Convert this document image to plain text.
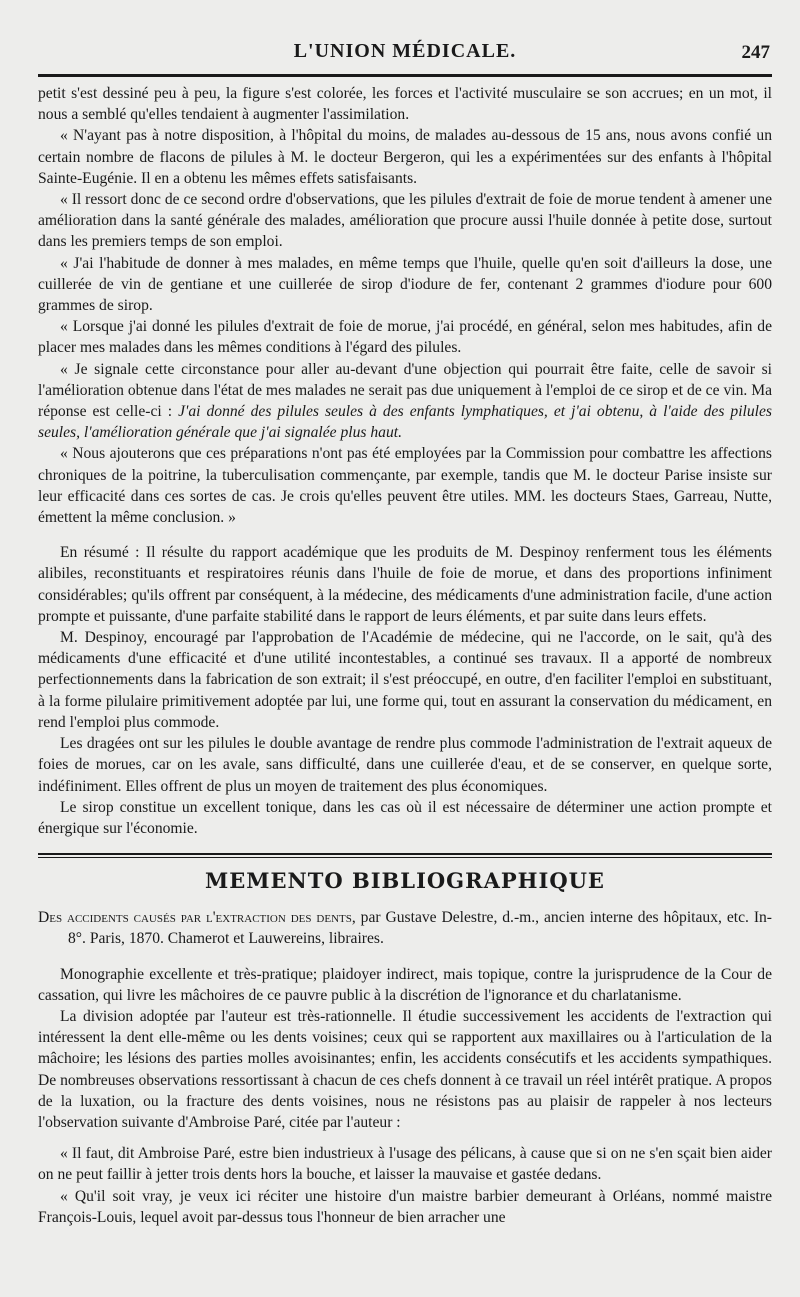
L'UNION MÉDICALE.	247

petit s'est dessiné peu à peu, la figure s'est colorée, les forces et l'activité musculaire se son accrues; en un mot, il nous a semblé qu'elles tendaient à augmenter l'assimilation.

« N'ayant pas à notre disposition, à l'hôpital du moins, de malades au-dessous de 15 ans, nous avons confié un certain nombre de flacons de pilules à M. le docteur Bergeron, qui les a expérimentées sur des enfants à l'hôpital Sainte-Eugénie. Il en a obtenu les mêmes effets satisfaisants.

« Il ressort donc de ce second ordre d'observations, que les pilules d'extrait de foie de morue tendent à amener une amélioration dans la santé générale des malades, amélioration que procure aussi l'huile donnée à petite dose, surtout dans les premiers temps de son emploi.

« J'ai l'habitude de donner à mes malades, en même temps que l'huile, quelle qu'en soit d'ailleurs la dose, une cuillerée de vin de gentiane et une cuillerée de sirop d'iodure de fer, contenant 2 grammes d'iodure pour 600 grammes de sirop.

« Lorsque j'ai donné les pilules d'extrait de foie de morue, j'ai procédé, en général, selon mes habitudes, afin de placer mes malades dans les mêmes conditions à l'égard des pilules.

« Je signale cette circonstance pour aller au-devant d'une objection qui pourrait être faite, celle de savoir si l'amélioration obtenue dans l'état de mes malades ne serait pas due uniquement à l'emploi de ce sirop et de ce vin. Ma réponse est celle-ci : J'ai donné des pilules seules à des enfants lymphatiques, et j'ai obtenu, à l'aide des pilules seules, l'amélioration générale que j'ai signalée plus haut.

« Nous ajouterons que ces préparations n'ont pas été employées par la Commission pour combattre les affections chroniques de la poitrine, la tuberculisation commençante, par exemple, tandis que M. le docteur Parise insiste sur leur efficacité dans ces sortes de cas. Je crois qu'elles peuvent être utiles. MM. les docteurs Staes, Garreau, Nutte, émettent la même conclusion. »

En résumé : Il résulte du rapport académique que les produits de M. Despinoy renferment tous les éléments alibiles, reconstituants et respiratoires réunis dans l'huile de foie de morue, et dans des proportions infiniment considérables; qu'ils offrent par conséquent, à la médecine, des médicaments d'une administration facile, d'une action prompte et puissante, d'une parfaite stabilité dans le rapport de leurs éléments, et par suite dans leurs effets.

M. Despinoy, encouragé par l'approbation de l'Académie de médecine, qui ne l'accorde, on le sait, qu'à des médicaments d'une efficacité et d'une utilité incontestables, a continué ses travaux. Il a apporté de nombreux perfectionnements dans la fabrication de son extrait; il s'est préoccupé, en outre, d'en faciliter l'emploi en substituant, à la forme pilulaire primitivement adoptée par lui, une forme qui, tout en assurant la conservation du médicament, en rend l'emploi plus commode.

Les dragées ont sur les pilules le double avantage de rendre plus commode l'administration de l'extrait aqueux de foies de morues, car on les avale, sans difficulté, dans une cuillerée d'eau, et de se conserver, en quelque sorte, indéfiniment. Elles offrent de plus un moyen de traitement des plus économiques.

Le sirop constitue un excellent tonique, dans les cas où il est nécessaire de déterminer une action prompte et énergique sur l'économie.

MEMENTO BIBLIOGRAPHIQUE
Des accidents causés par l'extraction des dents, par Gustave Delestre, d.-m., ancien interne des hôpitaux, etc. In-8°. Paris, 1870. Chamerot et Lauwereins, libraires.

Monographie excellente et très-pratique; plaidoyer indirect, mais topique, contre la jurisprudence de la Cour de cassation, qui livre les mâchoires de ce pauvre public à la discrétion de l'ignorance et du charlatanisme.

La division adoptée par l'auteur est très-rationnelle. Il étudie successivement les accidents de l'extraction qui intéressent la dent elle-même ou les dents voisines; ceux qui se rapportent aux maxillaires ou à l'articulation de la mâchoire; les lésions des parties molles avoisinantes; enfin, les accidents consécutifs et les accidents sympathiques. De nombreuses observations ressortissant à chacun de ces chefs donnent à ce travail un réel intérêt pratique. A propos de la luxation, ou la fracture des dents voisines, nous ne résistons pas au plaisir de rappeler à nos lecteurs l'observation suivante d'Ambroise Paré, citée par l'auteur :

« Il faut, dit Ambroise Paré, estre bien industrieux à l'usage des pélicans, à cause que si on ne s'en sçait bien aider on ne peut faillir à jetter trois dents hors la bouche, et laisser la mauvaise et gastée dedans.

« Qu'il soit vray, je veux ici réciter une histoire d'un maistre barbier demeurant à Orléans, nommé maistre François-Louis, lequel avoit par-dessus tous l'honneur de bien arracher une
